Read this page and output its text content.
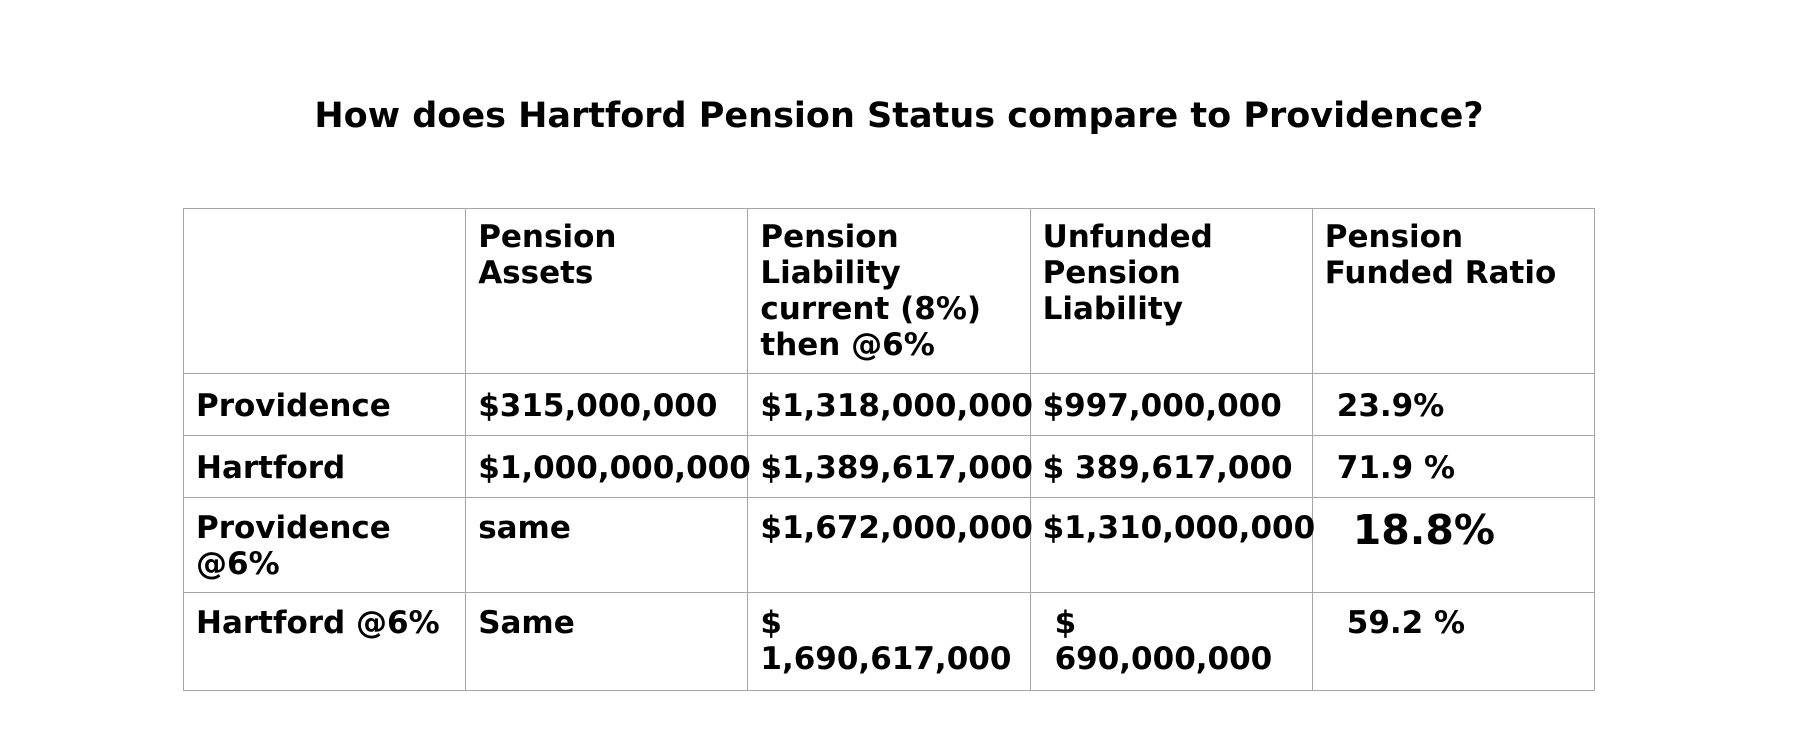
How does Hartford Pension Status compare to Providence?
	Pension Assets	Pension Liability current (8%) then @6%	Unfunded Pension Liability	Pension Funded Ratio
Providence	$315,000,000	$1,318,000,000	$997,000,000	23.9%
Hartford	$1,000,000,000	$1,389,617,000	$ 389,617,000	71.9 %
Providence @6%	same	$1,672,000,000	$1,310,000,000	18.8%
Hartford @6%	Same	$ 1,690,617,000	$ 690,000,000	59.2 %
